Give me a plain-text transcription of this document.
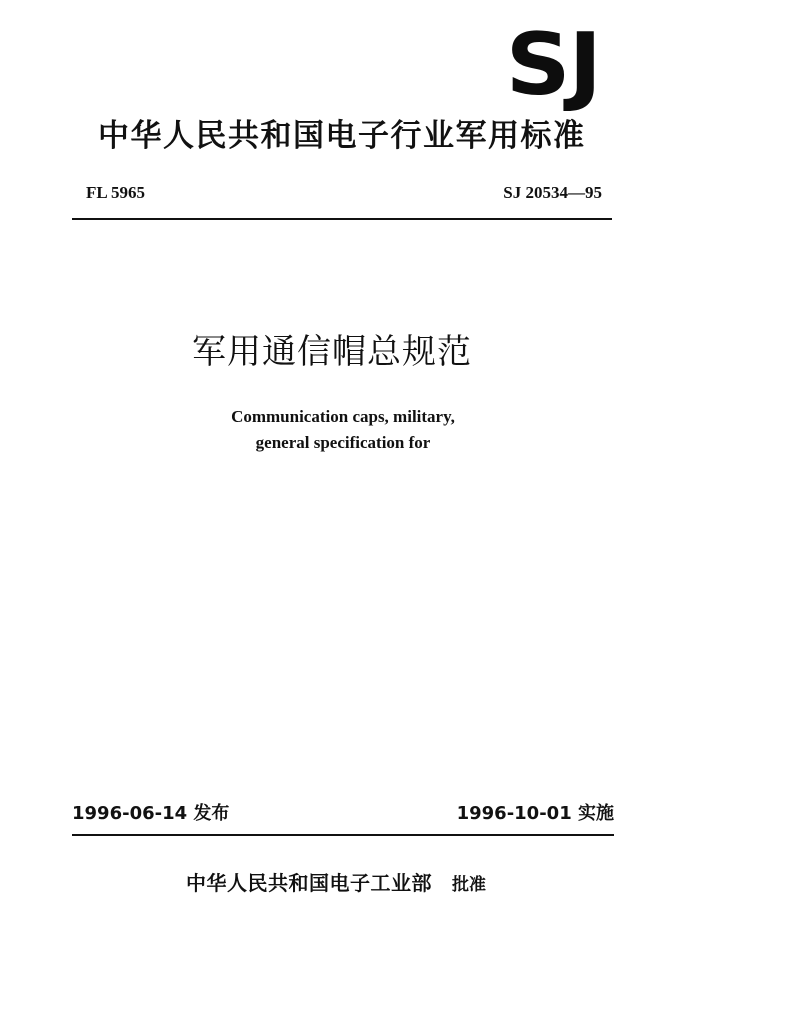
SJ
中华人民共和国电子行业军用标准
FL 5965	SJ 20534—95
军用通信帽总规范
Communication caps, military,
general specification for
1996-06-14 发布	1996-10-01 实施
中华人民共和国电子工业部 批准
